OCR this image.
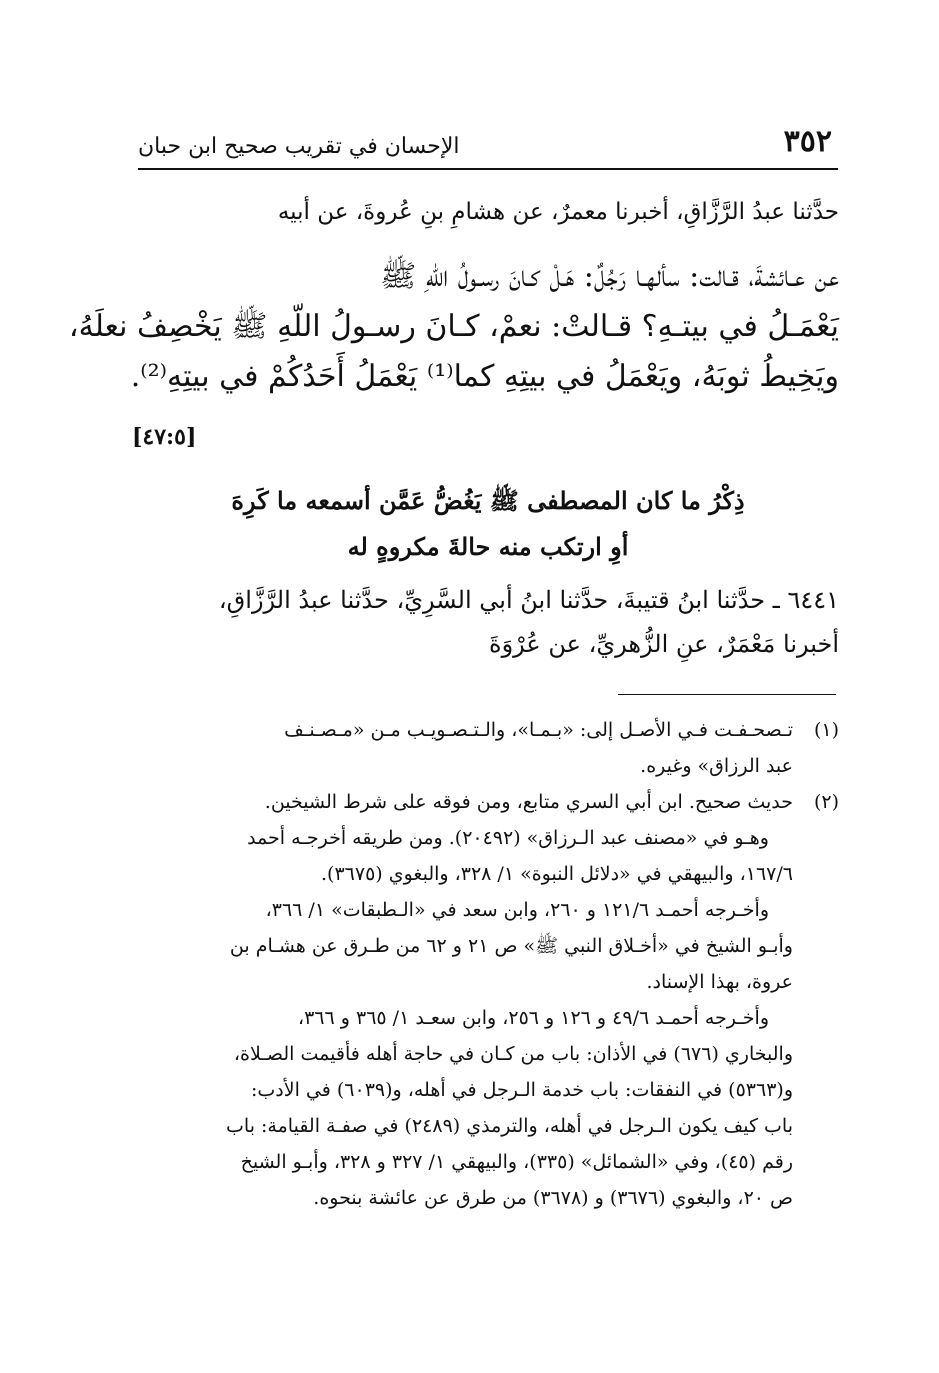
٣٥٢
الإحسان في تقريب صحيح ابن حبان
حدَّثنا عبدُ الرَّزَّاقِ، أخبرنا معمرٌ، عن هشامِ بنِ عُروةَ، عن أبيه
عن عـائشةَ، قـالت: سألهـا رَجُلٌ: هَـلْ كـانَ رسـولُ اللّهِ ﷺ
يَعْمَـلُ في بيتـهِ؟ قـالتْ: نعمْ، كـانَ رسـولُ اللّهِ ﷺ يَخْصِفُ نعلَهُ،
ويَخِيطُ ثوبَهُ، ويَعْمَلُ في بيتِهِ كما⁽¹⁾ يَعْمَلُ أَحَدُكُمْ في بيتِهِ⁽²⁾.
[٤٧:٥]
ذِكْرُ ما كان المصطفى ﷺ يَغُضُّ عَمَّن أسمعه ما كَرِهَ
أوِ ارتكب منه حالةَ مكروهٍ له
٦٤٤١ ـ حدَّثنا ابنُ قتيبةَ، حدَّثنا ابنُ أبي السَّرِيِّ، حدَّثنا عبدُ الرَّزَّاقِ،
أخبرنا مَعْمَرٌ، عنِ الزُّهريِّ، عن عُرْوَةَ
(١)
تـصحـفـت فـي الأصـل إلى: «بـمـا»، والـتـصـويـب مـن «مـصـنـف
عبد الرزاق» وغيره.
(٢)
حديث صحيح. ابن أبي السري متابع، ومن فوقه على شرط الشيخين.
وهـو في «مصنف عبد الـرزاق» (٢٠٤٩٢). ومن طريقه أخرجـه أحمد
١٦٧/٦، والبيهقي في «دلائل النبوة» ١/ ٣٢٨، والبغوي (٣٦٧٥).
وأخـرجه أحمـد ١٢١/٦ و ٢٦٠، وابن سعد في «الـطبقات» ١/ ٣٦٦،
وأبـو الشيخ في «أخـلاق النبي ﷺ» ص ٢١ و ٦٢ من طـرق عن هشـام بن
عروة، بهذا الإسناد.
وأخـرجه أحمـد ٤٩/٦ و ١٢٦ و ٢٥٦، وابن سعـد ١/ ٣٦٥ و ٣٦٦،
والبخاري (٦٧٦) في الأذان: باب من كـان في حاجة أهله فأقيمت الصـلاة،
و(٥٣٦٣) في النفقات: باب خدمة الـرجل في أهله، و(٦٠٣٩) في الأدب:
باب كيف يكون الـرجل في أهله، والترمذي (٢٤٨٩) في صفـة القيامة: باب
رقم (٤٥)، وفي «الشمائل» (٣٣٥)، والبيهقي ١/ ٣٢٧ و ٣٢٨، وأبـو الشيخ
ص ٢٠، والبغوي (٣٦٧٦) و (٣٦٧٨) من طرق عن عائشة بنحوه.
